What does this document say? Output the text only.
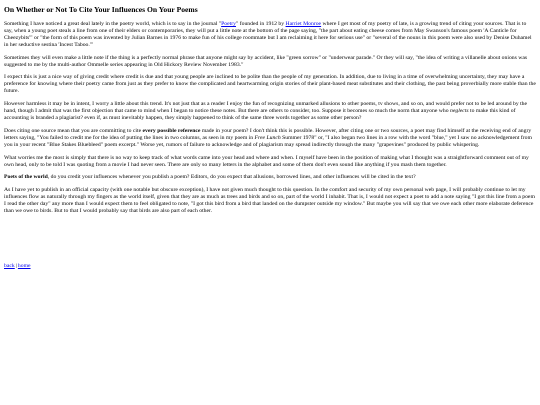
On Whether or Not To Cite Your Influences On Your Poems

Something I have noticed a great deal lately in the poetry world, which is to say in the journal "Poetry" founded in 1912 by Harriet Monroe where I get most of my poetry of late, is a growing trend of citing your sources. That is to say, when a young poet steals a line from one of their elders or contemporaries, they will put a little note at the bottom of the page saying, "the part about eating cheese comes from May Swanson's famous poem 'A Canticle for Cheezybits'" or "the form of this poem was invented by Julian Barnes in 1976 to make fun of his college roommate but I am reclaiming it here for serious use" or "several of the nouns in this poem were also used by Denise Duhamel in her seductive sestina 'Incest Taboo.'"

Sometimes they will even make a little note if the thing is a perfectly normal phrase that anyone might say by accident, like "green sorrow" or "underwear parade." Or they will say, "the idea of writing a villanelle about onions was suggested to me by the multi-author Ommelle series appearing in Old Hickory Review November 1983."

I expect this is just a nice way of giving credit where credit is due and that young people are inclined to be polite than the people of my generation. In addition, due to living in a time of overwhelming uncertainty, they may have a preference for knowing where their poetry came from just as they prefer to know the complicated and heartwarming origin stories of their plant-based meat substitutes and their clothing, the past being proverbially more stable than the future.

However harmless it may be in intent, I worry a little about this trend. It's not just that as a reader I enjoy the fun of recognizing unmarked allusions to other poems, tv shows, and so on, and would prefer not to be led around by the hand, though I admit that was the first objection that came to mind when I began to notice these notes. But there are others to consider, too. Suppose it becomes so much the norm that anyone who neglects to make this kind of accounting is branded a plagiarist? even if, as must inevitably happen, they simply happened to think of the same three words together as some other person?

Does citing one source mean that you are committing to cite every possible reference made in your poem? I don't think this is possible. However, after citing one or two sources, a poet may find himself at the receiving end of angry letters saying, "You failed to credit me for the idea of putting the lines in two columns, as seen in my poem in Free Lunch Summer 1978" or, "I also began two lines in a row with the word "blue," yet I saw no acknowledgement from you in your recent "Blue Stakes Bluebleed" poem excerpt." Worse yet, rumors of failure to acknowledge and of plagiarism may spread indirectly through the many "grapevines" produced by public whispering.

What worries me the most is simply that there is no way to keep track of what words came into your head and where and when. I myself have been in the position of making what I thought was a straightforward comment out of my own head, only to be told I was quoting from a movie I had never seen. There are only so many letters in the alphabet and some of them don't even sound like anything if you mash them together.

Poets of the world, do you credit your influences whenever you publish a poem? Editors, do you expect that allusions, borrowed lines, and other influences will be cited in the text?

As I have yet to publish in an official capacity (with one notable but obscure exception), I have not given much thought to this question. In the comfort and security of my own personal web page, I will probably continue to let my influences flow as naturally through my fingers as the world itself, given that they are as much as trees and birds and so on, part of the world I inhabit. That is, I would not expect a poet to add a note saying "I got this line from a poem I read the other day" any more than I would expect them to feel obligated to note, "I got this bird from a bird that landed on the dumpster outside my window." But maybe you will say that we owe each other more elaborate deference than we owe to birds. But to that I would probably say that birds are also part of each other.

back|home
